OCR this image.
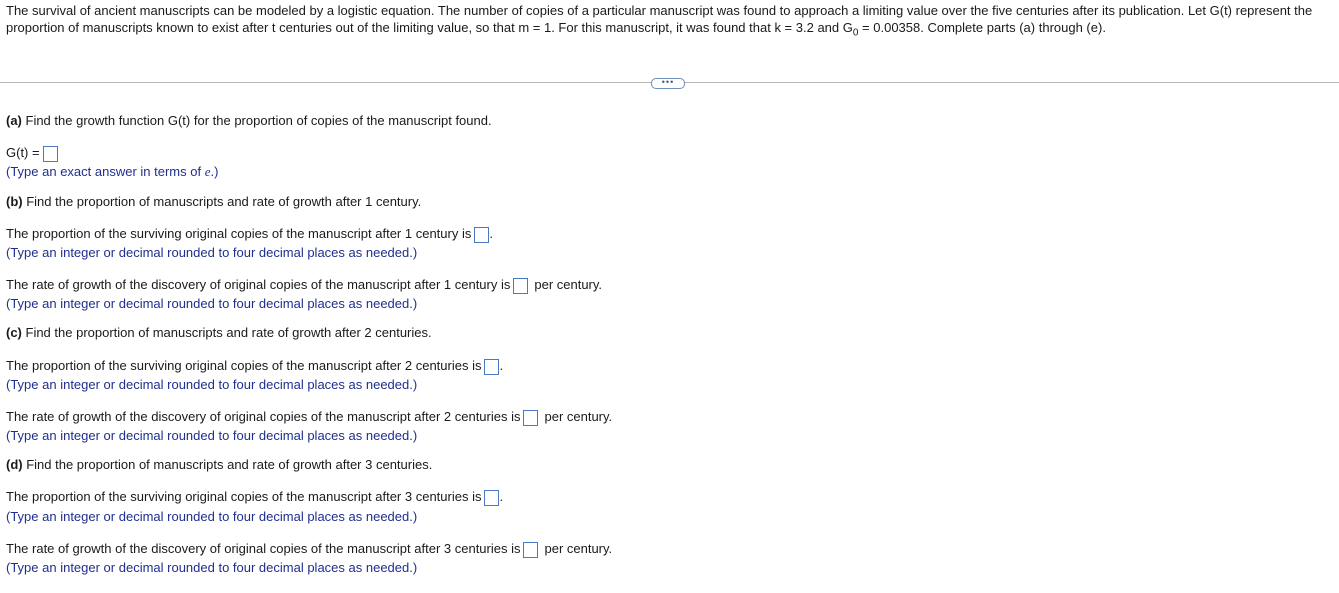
The survival of ancient manuscripts can be modeled by a logistic equation. The number of copies of a particular manuscript was found to approach a limiting value over the five centuries after its publication. Let G(t) represent the proportion of manuscripts known to exist after t centuries out of the limiting value, so that m = 1. For this manuscript, it was found that k = 3.2 and $G_0 = 0.00358$. Complete parts (a) through (e).
•••
(a) Find the growth function G(t) for the proportion of copies of the manuscript found.
G(t) =
(Type an exact answer in terms of e.)
(b) Find the proportion of manuscripts and rate of growth after 1 century.
The proportion of the surviving original copies of the manuscript after 1 century is .
(Type an integer or decimal rounded to four decimal places as needed.)
The rate of growth of the discovery of original copies of the manuscript after 1 century is per century.
(Type an integer or decimal rounded to four decimal places as needed.)
(c) Find the proportion of manuscripts and rate of growth after 2 centuries.
The proportion of the surviving original copies of the manuscript after 2 centuries is .
(Type an integer or decimal rounded to four decimal places as needed.)
The rate of growth of the discovery of original copies of the manuscript after 2 centuries is per century.
(Type an integer or decimal rounded to four decimal places as needed.)
(d) Find the proportion of manuscripts and rate of growth after 3 centuries.
The proportion of the surviving original copies of the manuscript after 3 centuries is .
(Type an integer or decimal rounded to four decimal places as needed.)
The rate of growth of the discovery of original copies of the manuscript after 3 centuries is per century.
(Type an integer or decimal rounded to four decimal places as needed.)
